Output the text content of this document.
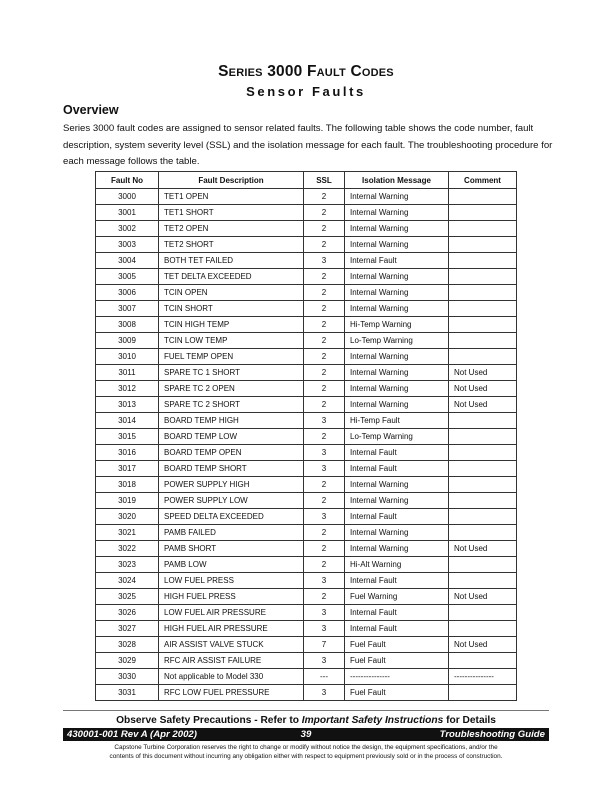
Series 3000 Fault Codes
Sensor Faults
Overview
Series 3000 fault codes are assigned to sensor related faults. The following table shows the code number, fault description, system severity level (SSL) and the isolation message for each fault. The troubleshooting procedure for each message follows the table.
Fault No	Fault Description	SSL	Isolation Message	Comment
3000	TET1 OPEN	2	Internal Warning	
3001	TET1 SHORT	2	Internal Warning	
3002	TET2 OPEN	2	Internal Warning	
3003	TET2 SHORT	2	Internal Warning	
3004	BOTH TET FAILED	3	Internal Fault	
3005	TET DELTA EXCEEDED	2	Internal Warning	
3006	TCIN OPEN	2	Internal Warning	
3007	TCIN SHORT	2	Internal Warning	
3008	TCIN HIGH TEMP	2	Hi-Temp Warning	
3009	TCIN LOW TEMP	2	Lo-Temp Warning	
3010	FUEL TEMP OPEN	2	Internal Warning	
3011	SPARE TC 1 SHORT	2	Internal Warning	Not Used
3012	SPARE TC 2 OPEN	2	Internal Warning	Not Used
3013	SPARE TC 2 SHORT	2	Internal Warning	Not Used
3014	BOARD TEMP HIGH	3	Hi-Temp Fault	
3015	BOARD TEMP LOW	2	Lo-Temp Warning	
3016	BOARD TEMP OPEN	3	Internal Fault	
3017	BOARD TEMP SHORT	3	Internal Fault	
3018	POWER SUPPLY HIGH	2	Internal Warning	
3019	POWER SUPPLY LOW	2	Internal Warning	
3020	SPEED DELTA EXCEEDED	3	Internal Fault	
3021	PAMB FAILED	2	Internal Warning	
3022	PAMB SHORT	2	Internal Warning	Not Used
3023	PAMB LOW	2	Hi-Alt Warning	
3024	LOW FUEL PRESS	3	Internal Fault	
3025	HIGH FUEL PRESS	2	Fuel Warning	Not Used
3026	LOW FUEL AIR PRESSURE	3	Internal Fault	
3027	HIGH FUEL AIR PRESSURE	3	Internal Fault	
3028	AIR ASSIST VALVE STUCK	7	Fuel Fault	Not Used
3029	RFC AIR ASSIST FAILURE	3	Fuel Fault	
3030	Not applicable to Model 330	---	---------------	---------------
3031	RFC LOW FUEL PRESSURE	3	Fuel Fault	
Observe Safety Precautions - Refer to Important Safety Instructions for Details
430001-001 Rev A (Apr 2002)	39	Troubleshooting Guide
Capstone Turbine Corporation reserves the right to change or modify without notice the design, the equipment specifications, and/or the
contents of this document without incurring any obligation either with respect to equipment previously sold or in the process of construction.
